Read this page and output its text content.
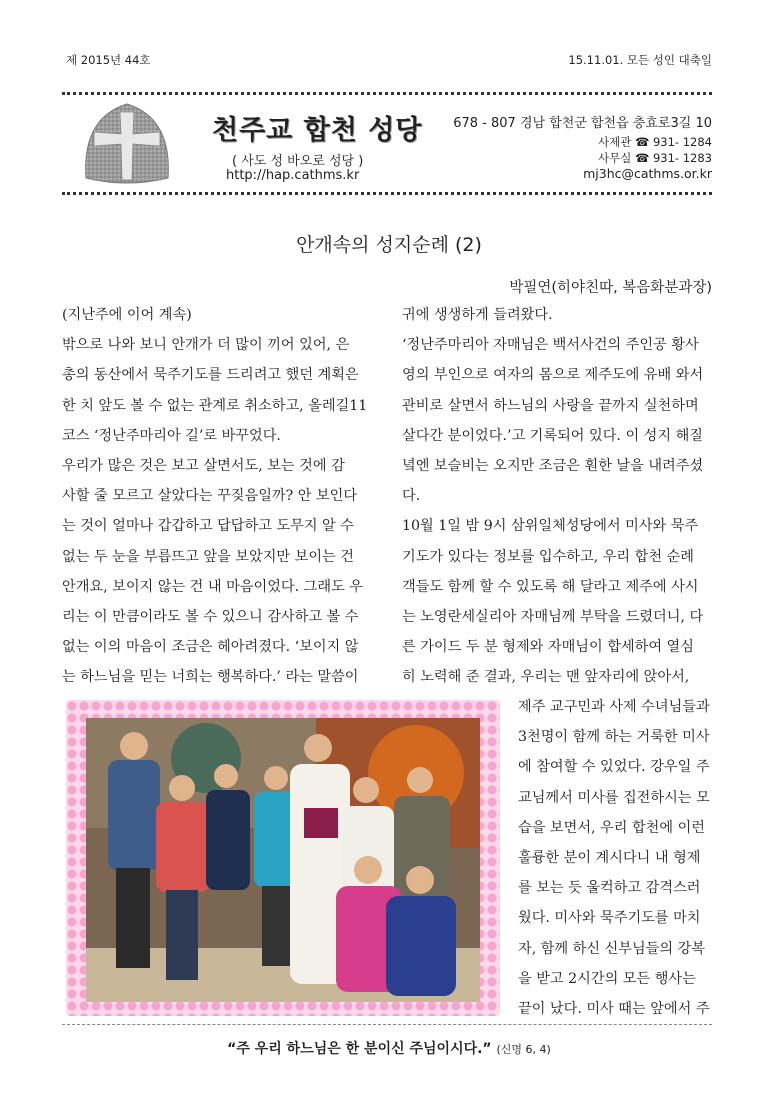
제 2015년 44호	15.11.01. 모든 성인 대축일
천주교 합천 성당
( 사도 성 바오로 성당 )
http://hap.cathms.kr
678 - 807 경남 합천군 합천읍 충효로3길 10
사제관 ☎ 931- 1284
사무실 ☎ 931- 1283
mj3hc@cathms.or.kr
안개속의 성지순례 (2)
박필연(히야친따, 복음화분과장)
(지난주에 이어 계속)
밖으로 나와 보니 안개가 더 많이 끼어 있어, 은
총의 동산에서 묵주기도를 드리려고 했던 계획은
한 치 앞도 볼 수 없는 관계로 취소하고, 올레길11
코스 ‘정난주마리아 길’로 바꾸었다.
우리가 많은 것은 보고 살면서도, 보는 것에 감
사할 줄 모르고 살았다는 꾸짖음일까? 안 보인다
는 것이 얼마나 갑갑하고 답답하고 도무지 알 수
없는 두 눈을 부릅뜨고 앞을 보았지만 보이는 건
안개요, 보이지 않는 건 내 마음이었다. 그래도 우
리는 이 만큼이라도 볼 수 있으니 감사하고 볼 수
없는 이의 마음이 조금은 헤아려졌다. ‘보이지 않
는 하느님을 믿는 너희는 행복하다.’ 라는 말씀이
귀에 생생하게 들려왔다.
‘정난주마리아 자매님은 백서사건의 주인공 황사
영의 부인으로 여자의 몸으로 제주도에 유배 와서
관비로 살면서 하느님의 사랑을 끝까지 실천하며
살다간 분이었다.’고 기록되어 있다. 이 성지 해질
녘엔 보슬비는 오지만 조금은 훤한 날을 내려주셨
다.
10월 1일 밤 9시 삼위일체성당에서 미사와 묵주
기도가 있다는 정보를 입수하고, 우리 합천 순례
객들도 함께 할 수 있도록 해 달라고 제주에 사시
는 노영란세실리아 자매님께 부탁을 드렸더니, 다
른 가이드 두 분 형제와 자매님이 합세하여 열심
히 노력해 준 결과, 우리는 맨 앞자리에 앉아서,
제주 교구민과 사제 수녀님들과
3천명이 함께 하는 거룩한 미사
에 참여할 수 있었다. 강우일 주
교님께서 미사를 집전하시는 모
습을 보면서, 우리 합천에 이런
훌륭한 분이 계시다니 내 형제
를 보는 듯 울컥하고 감격스러
웠다. 미사와 묵주기도를 마치
자, 함께 하신 신부님들의 강복
을 받고 2시간의 모든 행사는
끝이 났다. 미사 때는 앞에서 주
“주 우리 하느님은 한 분이신 주님이시다.” (신명 6, 4)
